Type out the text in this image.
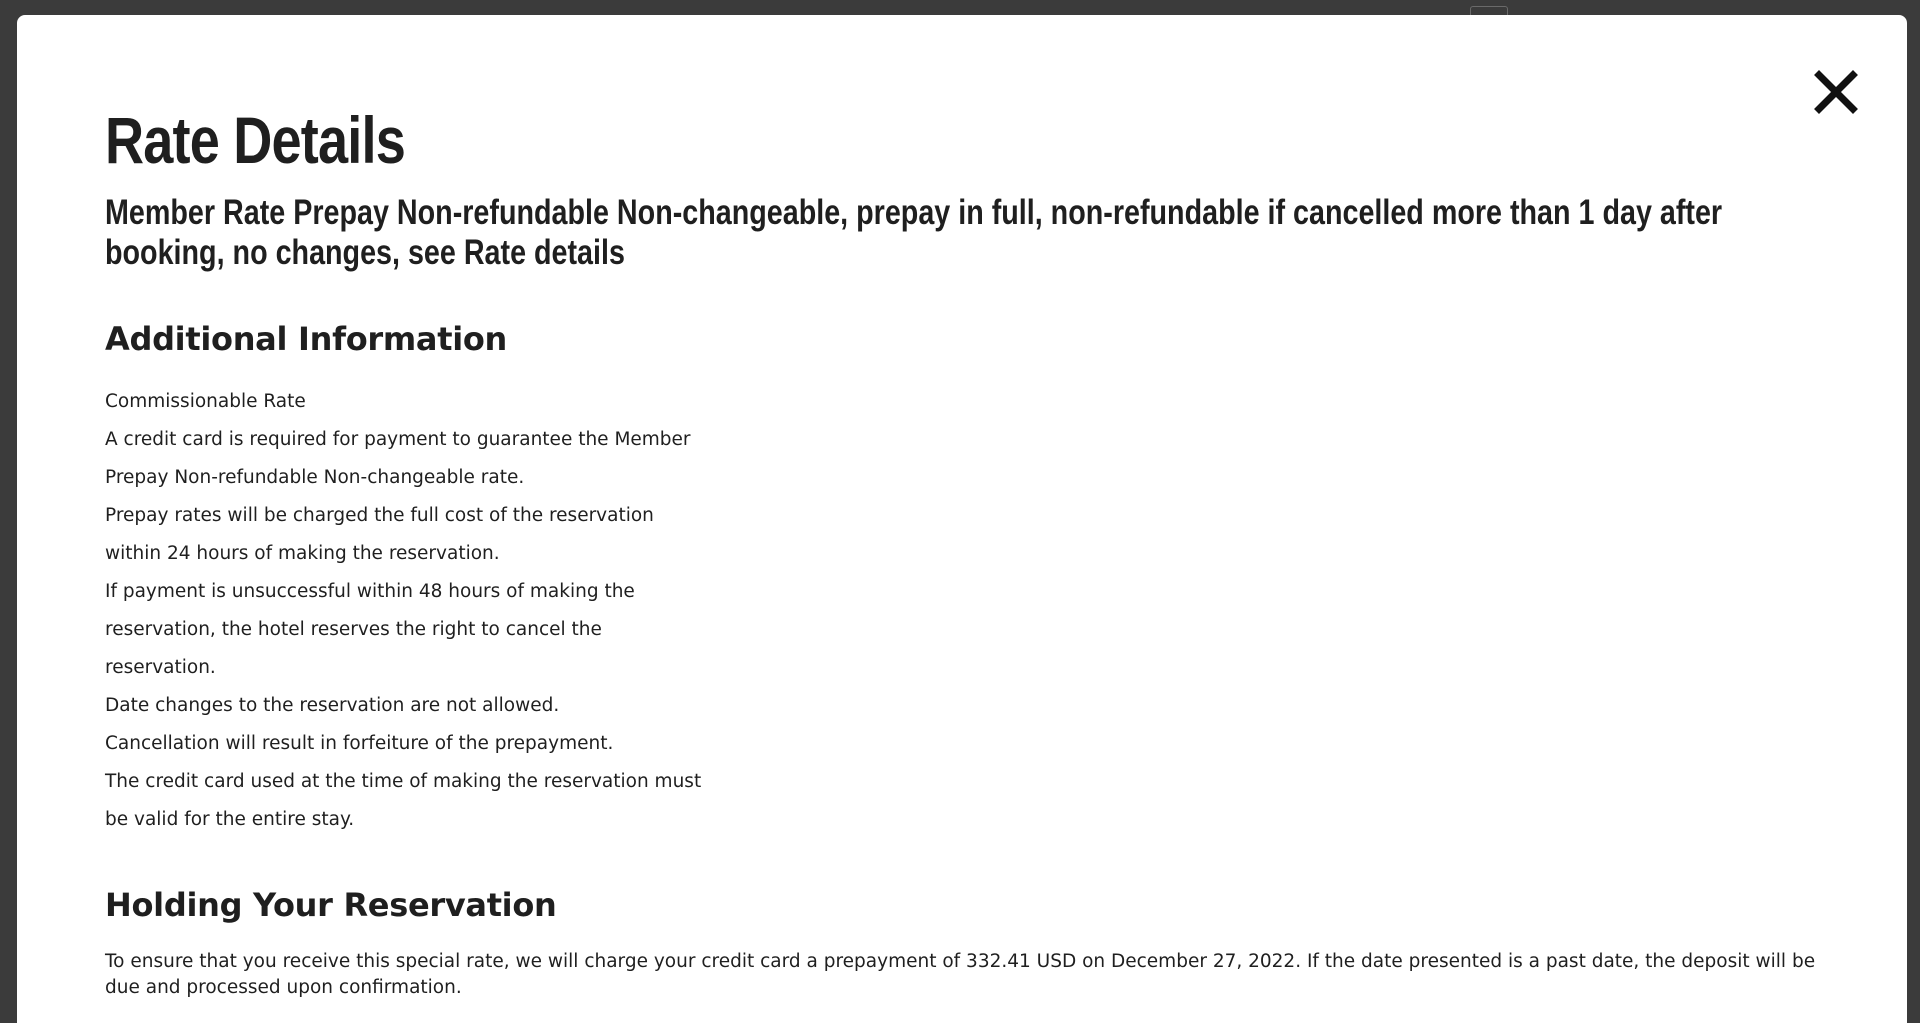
Rate Details
Member Rate Prepay Non-refundable Non-changeable, prepay in full, non-refundable if cancelled more than 1 day after booking, no changes, see Rate details
Additional Information
Commissionable Rate
A credit card is required for payment to guarantee the Member
Prepay Non-refundable Non-changeable rate.
Prepay rates will be charged the full cost of the reservation
within 24 hours of making the reservation.
If payment is unsuccessful within 48 hours of making the
reservation, the hotel reserves the right to cancel the
reservation.
Date changes to the reservation are not allowed.
Cancellation will result in forfeiture of the prepayment.
The credit card used at the time of making the reservation must
be valid for the entire stay.
Holding Your Reservation

To ensure that you receive this special rate, we will charge your credit card a prepayment of 332.41 USD on December 27, 2022. If the date presented is a past date, the deposit will be due and processed upon confirmation.
